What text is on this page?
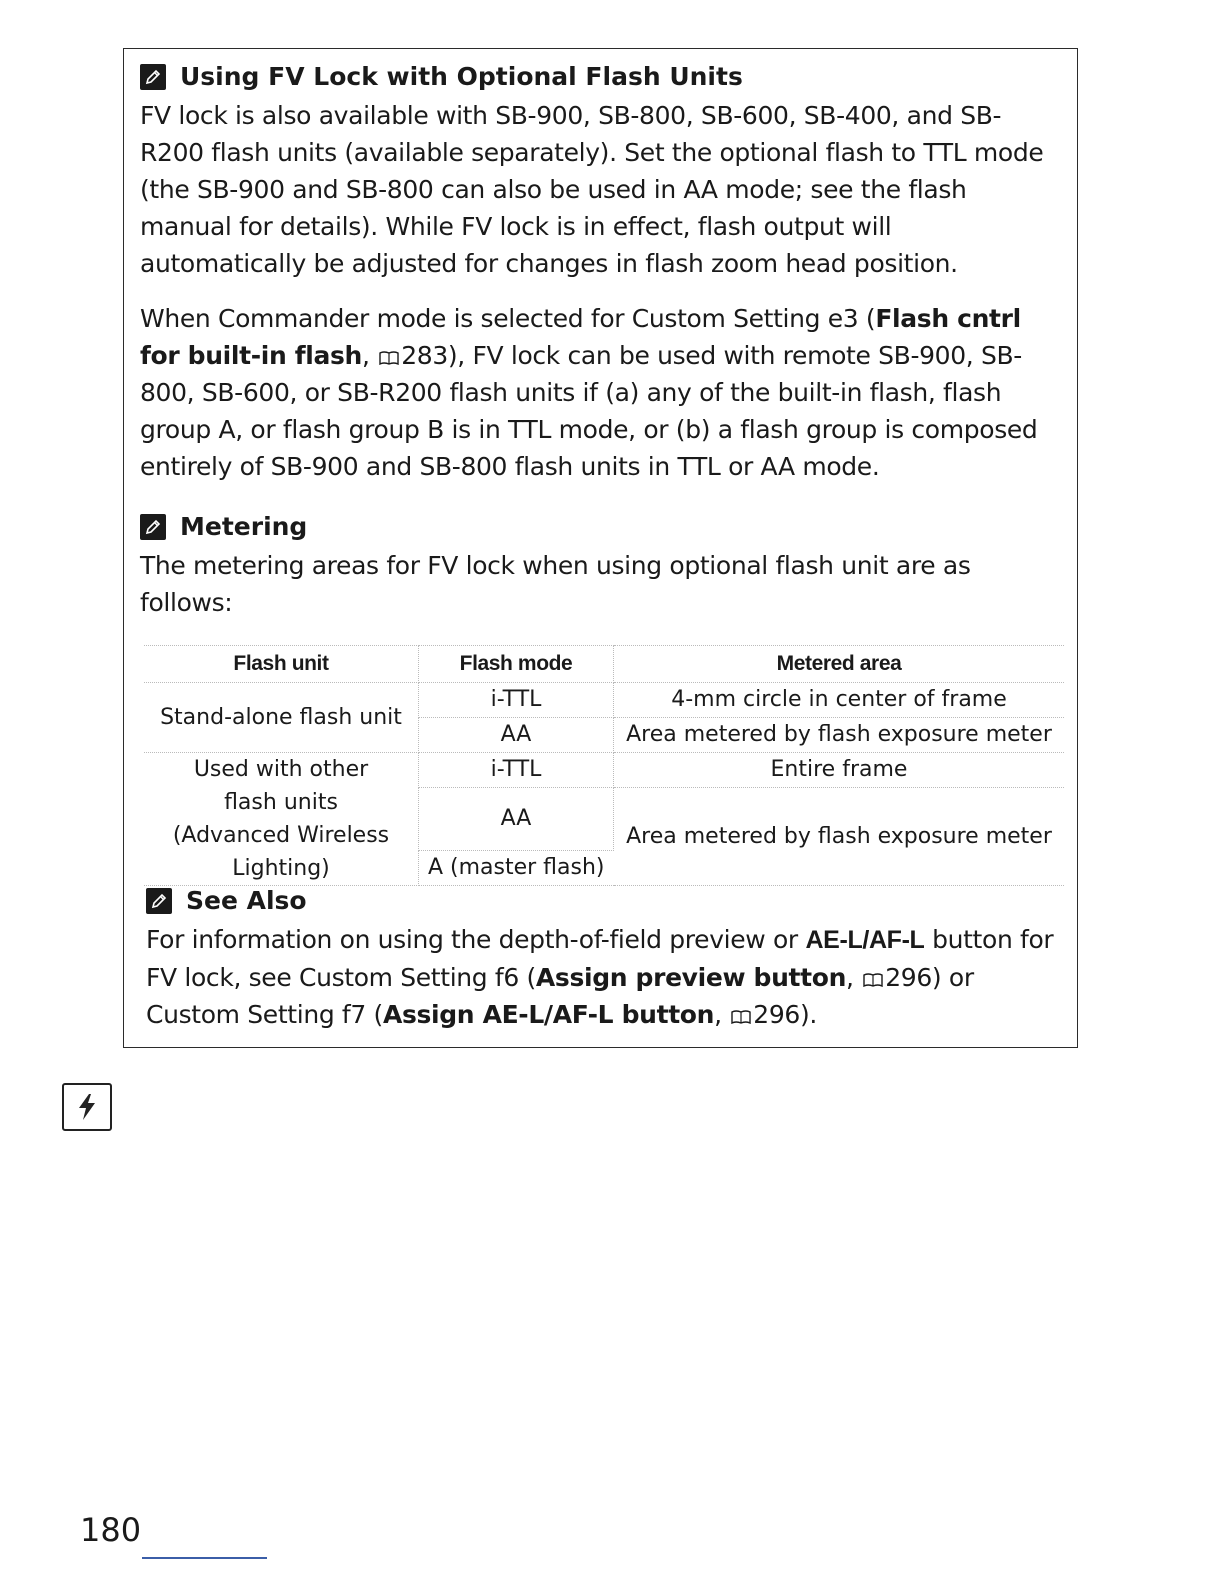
Using FV Lock with Optional Flash Units

FV lock is also available with SB-900, SB-800, SB-600, SB-400, and SB-R200 flash units (available separately). Set the optional flash to TTL mode (the SB-900 and SB-800 can also be used in AA mode; see the flash manual for details). While FV lock is in effect, flash output will automatically be adjusted for changes in flash zoom head position.

When Commander mode is selected for Custom Setting e3 (Flash cntrl for built-in flash, 283), FV lock can be used with remote SB-900, SB-800, SB-600, or SB-R200 flash units if (a) any of the built-in flash, flash group A, or flash group B is in TTL mode, or (b) a flash group is composed entirely of SB-900 and SB-800 flash units in TTL or AA mode.

Metering

The metering areas for FV lock when using optional flash unit are as follows:

Flash unit	Flash mode	Metered area
Stand-alone flash unit	i-TTL	4-mm circle in center of frame
	AA	Area metered by flash exposure meter
Used with other flash units (Advanced Wireless Lighting)	i-TTL	Entire frame
	AA	Area metered by flash exposure meter
	A (master flash)	
See Also

For information on using the depth-of-field preview or AE-L/AF-L button for FV lock, see Custom Setting f6 (Assign preview button, 296) or Custom Setting f7 (Assign AE-L/AF-L button, 296).

180
